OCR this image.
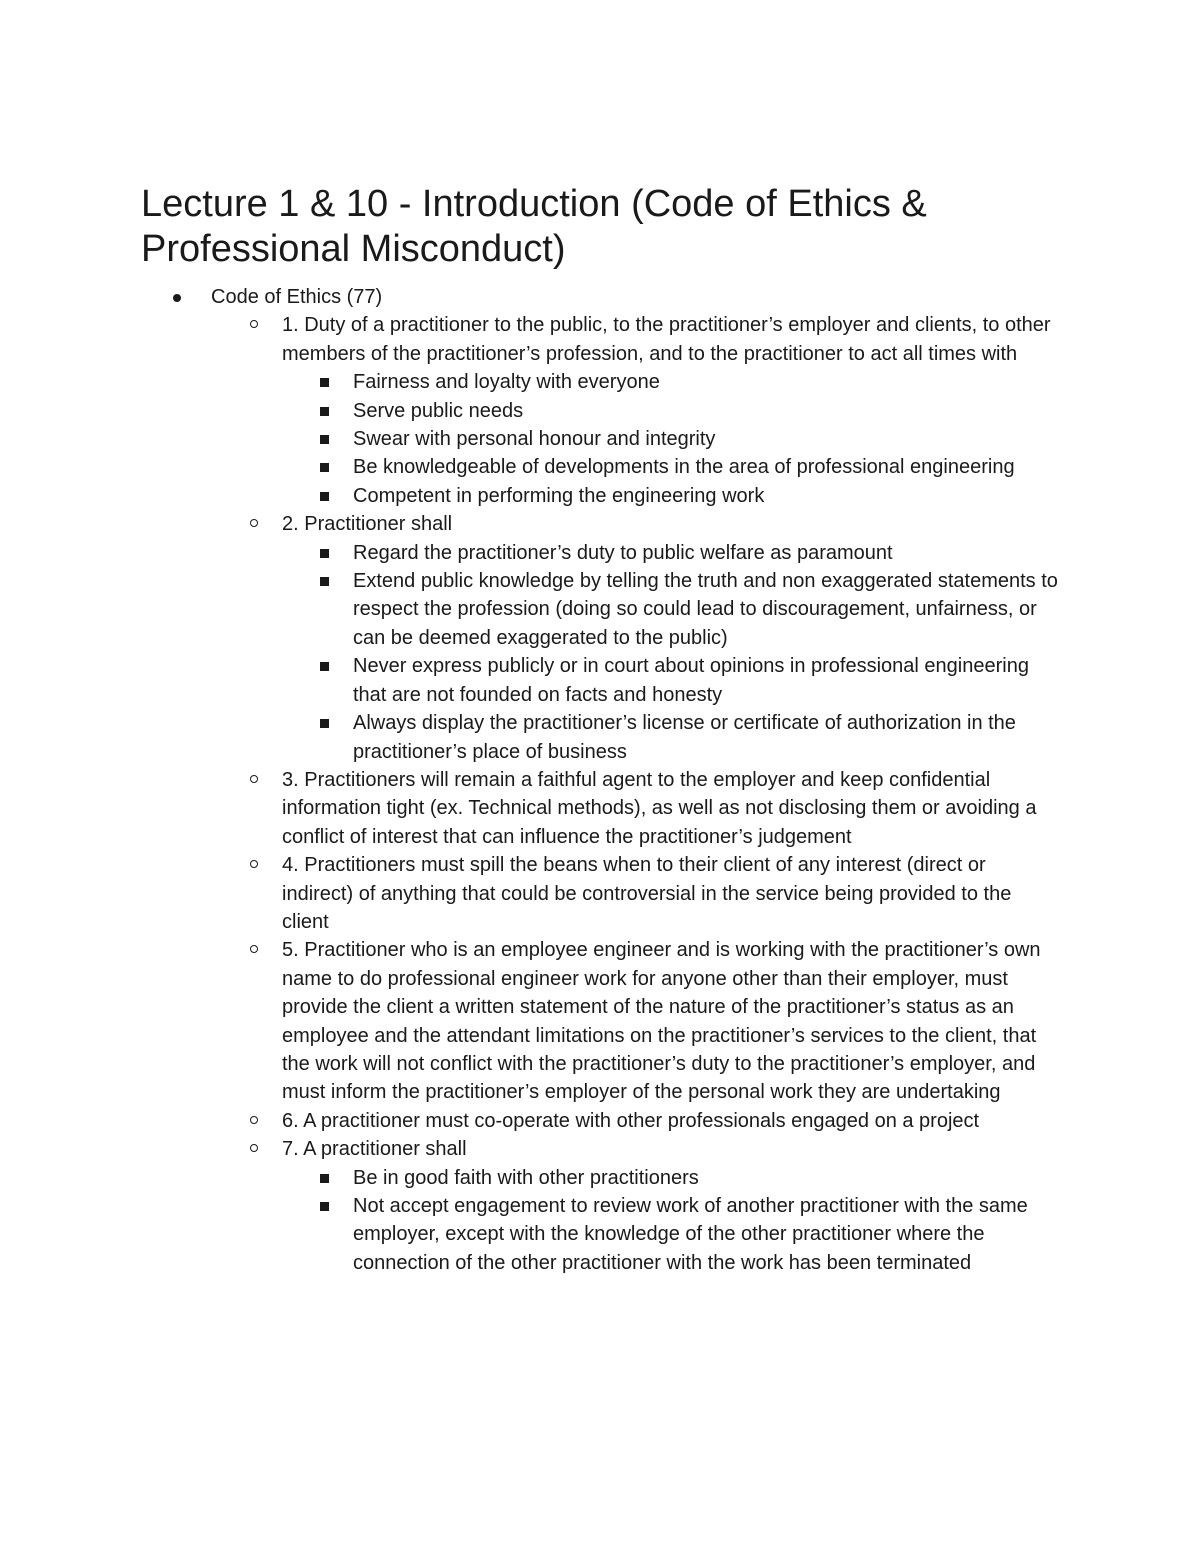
Lecture 1 & 10 - Introduction (Code of Ethics & Professional Misconduct)
Code of Ethics (77)
1. Duty of a practitioner to the public, to the practitioner’s employer and clients, to other members of the practitioner’s profession, and to the practitioner to act all times with
Fairness and loyalty with everyone
Serve public needs
Swear with personal honour and integrity
Be knowledgeable of developments in the area of professional engineering
Competent in performing the engineering work
2. Practitioner shall
Regard the practitioner’s duty to public welfare as paramount
Extend public knowledge by telling the truth and non exaggerated statements to respect the profession (doing so could lead to discouragement, unfairness, or can be deemed exaggerated to the public)
Never express publicly or in court about opinions in professional engineering that are not founded on facts and honesty
Always display the practitioner’s license or certificate of authorization in the practitioner’s place of business
3. Practitioners will remain a faithful agent to the employer and keep confidential information tight (ex. Technical methods), as well as not disclosing them or avoiding a conflict of interest that can influence the practitioner’s judgement
4. Practitioners must spill the beans when to their client of any interest (direct or indirect) of anything that could be controversial in the service being provided to the client
5. Practitioner who is an employee engineer and is working with the practitioner’s own name to do professional engineer work for anyone other than their employer, must provide the client a written statement of the nature of the practitioner’s status as an employee and the attendant limitations on the practitioner’s services to the client, that the work will not conflict with the practitioner’s duty to the practitioner’s employer, and must inform the practitioner’s employer of the personal work they are undertaking
6. A practitioner must co-operate with other professionals engaged on a project
7. A practitioner shall
Be in good faith with other practitioners
Not accept engagement to review work of another practitioner with the same employer, except with the knowledge of the other practitioner where the connection of the other practitioner with the work has been terminated
